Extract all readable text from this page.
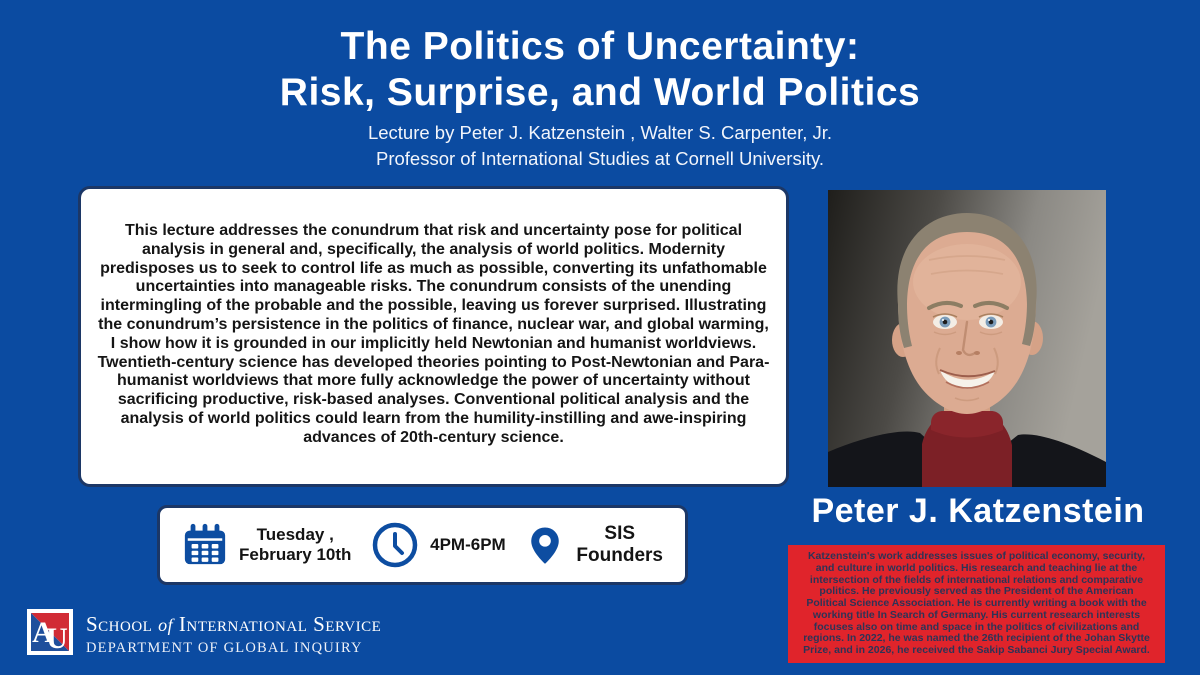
The Politics of Uncertainty:
Risk, Surprise, and World Politics
Lecture by Peter J. Katzenstein , Walter S. Carpenter, Jr.
Professor of International Studies at Cornell University.

This lecture addresses the conundrum that risk and uncertainty pose for political analysis in general and, specifically, the analysis of world politics. Modernity predisposes us to seek to control life as much as possible, converting its unfathomable uncertainties into manageable risks. The conundrum consists of the unending intermingling of the probable and the possible, leaving us forever surprised. Illustrating the conundrum’s persistence in the politics of finance, nuclear war, and global warming, I show how it is grounded in our implicitly held Newtonian and humanist worldviews. Twentieth-century science has developed theories pointing to Post-Newtonian and Para-humanist worldviews that more fully acknowledge the power of uncertainty without sacrificing productive, risk-based analyses. Conventional political analysis and the analysis of world politics could learn from the humility-instilling and awe-inspiring advances of 20th-century science.

Peter J. Katzenstein

Katzenstein's work addresses issues of political economy, security, and culture in world politics. His research and teaching lie at the intersection of the fields of international relations and comparative politics. He previously served as the President of the American Political Science Association. He is currently writing a book with the working title In Search of Germany. His current research interests focuses also on time and space in the politics of civilizations and regions. In 2022, he was named the 26th recipient of the Johan Skytte Prize, and in 2026, he received the Sakip Sabanci Jury Special Award.

Tuesday ,
February 10th
4PM-6PM
SIS
Founders
A
U School of International Service
DEPARTMENT OF GLOBAL INQUIRY
